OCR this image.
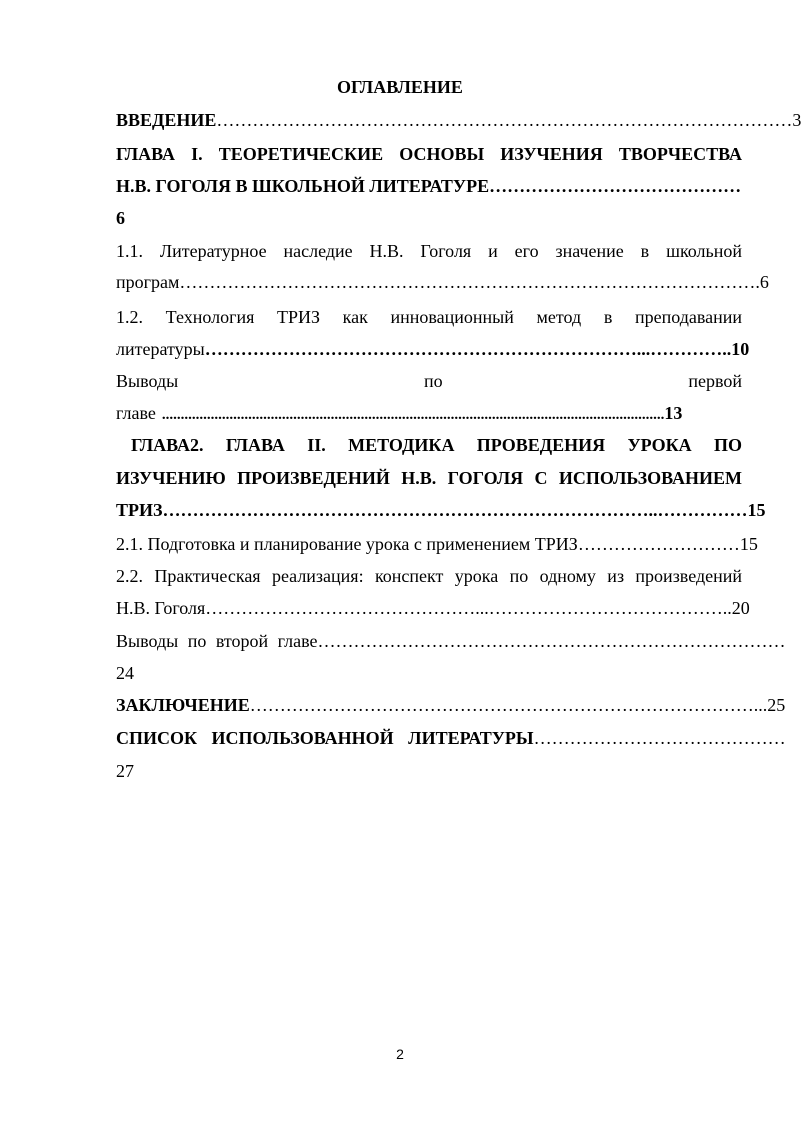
ОГЛАВЛЕНИЕ
ВВЕДЕНИЕ …………………………………………………………………………………… 3
ГЛАВА I. ТЕОРЕТИЧЕСКИЕ ОСНОВЫ ИЗУЧЕНИЯ ТВОРЧЕСТВА
Н.В. ГОГОЛЯ В ШКОЛЬНОЙ ЛИТЕРАТУРЕ ……………………………………
6
1.1. Литературное наследие Н.В. Гоголя и его значение в школьной
програм ……………………………………………………………………………………. 6
1.2. Технология ТРИЗ как инновационный метод в преподавании
литературы ………………………………………………………………...………….. 10
Выводы	по	первой
главе ...................................................................................................................................... 13
ГЛАВА2. ГЛАВА II. МЕТОДИКА ПРОВЕДЕНИЯ УРОКА ПО
ИЗУЧЕНИЮ ПРОИЗВЕДЕНИЙ Н.В. ГОГОЛЯ С ИСПОЛЬЗОВАНИЕМ
ТРИЗ ………………………………………………………………………..…………… 15
2.1. Подготовка и планирование урока с применением ТРИЗ ……………………… 15
2.2. Практическая реализация: конспект урока по одному из произведений
Н.В. Гоголя ………………………………………...………………………………….. 20
Выводы по второй главе ……………………………………………………………………
24
ЗАКЛЮЧЕНИЕ …………………………………………………………………………... 25
СПИСОК ИСПОЛЬЗОВАННОЙ ЛИТЕРАТУРЫ ……………………………………
27
2
